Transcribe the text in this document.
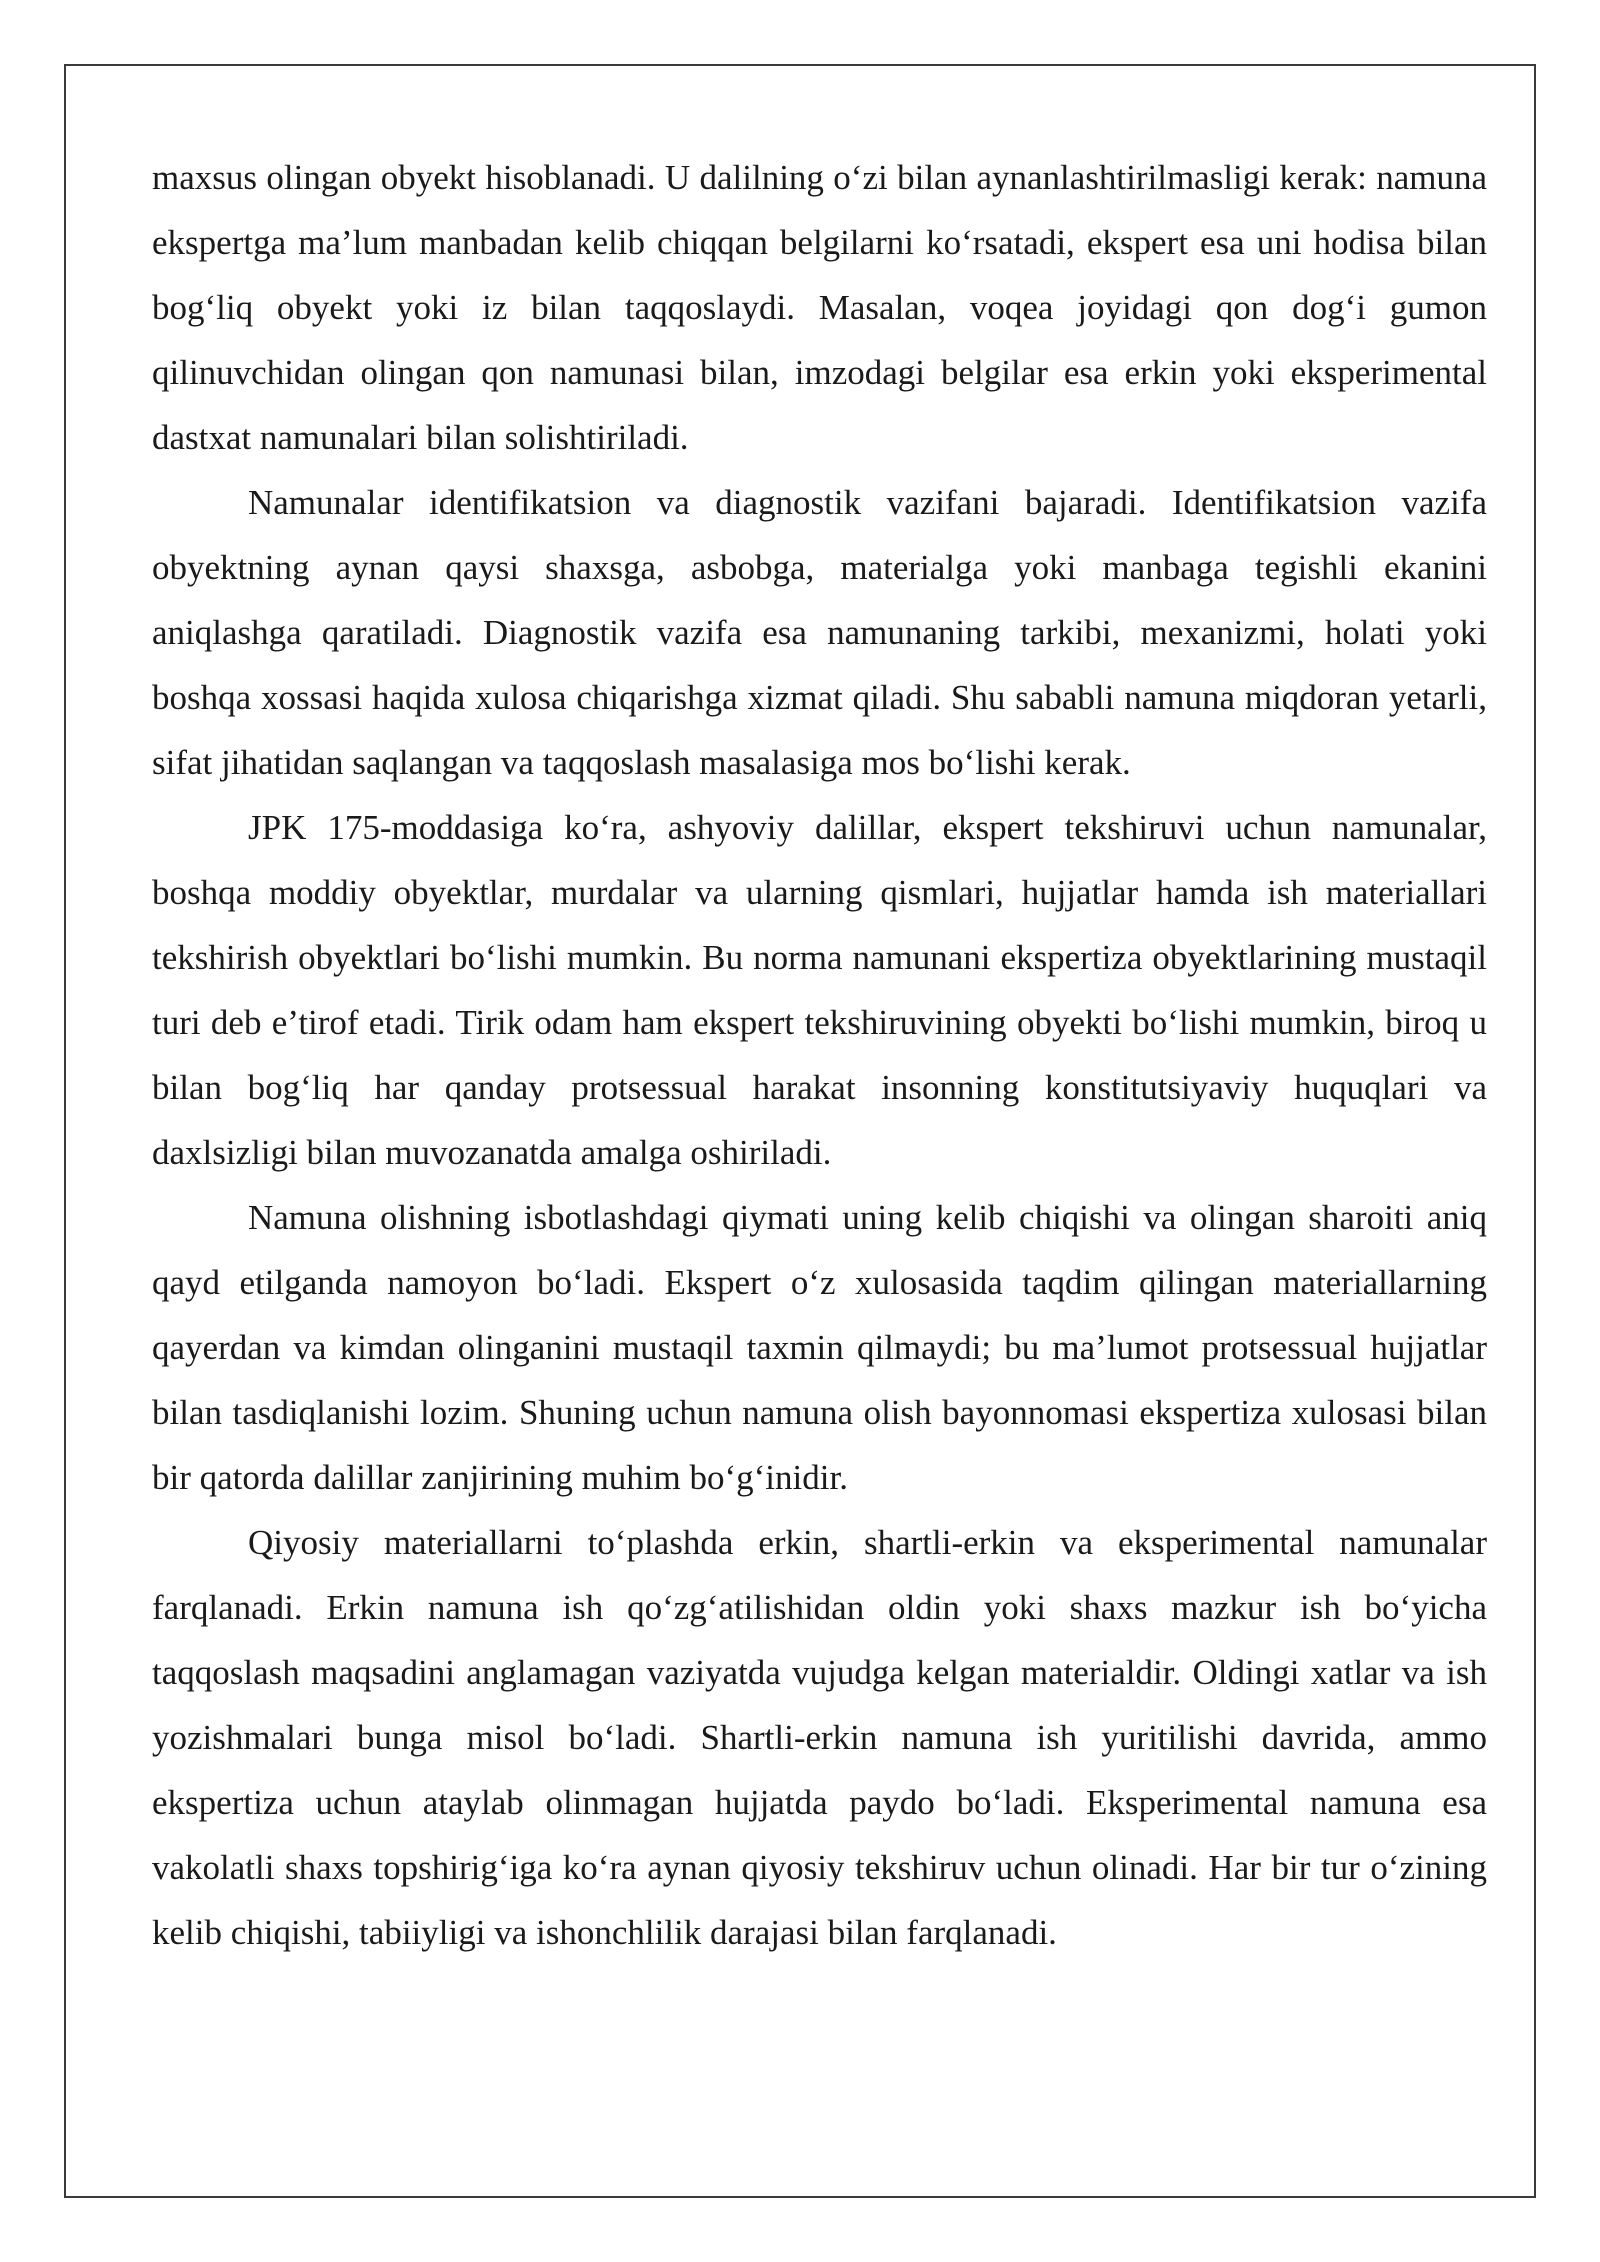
maxsus olingan obyekt hisoblanadi. U dalilning o‘zi bilan aynanlashtirilmasligi kerak: namuna ekspertga ma’lum manbadan kelib chiqqan belgilarni ko‘rsatadi, ekspert esa uni hodisa bilan bog‘liq obyekt yoki iz bilan taqqoslaydi. Masalan, voqea joyidagi qon dog‘i gumon qilinuvchidan olingan qon namunasi bilan, imzodagi belgilar esa erkin yoki eksperimental dastxat namunalari bilan solishtiriladi.

Namunalar identifikatsion va diagnostik vazifani bajaradi. Identifikatsion vazifa obyektning aynan qaysi shaxsga, asbobga, materialga yoki manbaga tegishli ekanini aniqlashga qaratiladi. Diagnostik vazifa esa namunaning tarkibi, mexanizmi, holati yoki boshqa xossasi haqida xulosa chiqarishga xizmat qiladi. Shu sababli namuna miqdoran yetarli, sifat jihatidan saqlangan va taqqoslash masalasiga mos bo‘lishi kerak.

JPK 175-moddasiga ko‘ra, ashyoviy dalillar, ekspert tekshiruvi uchun namunalar, boshqa moddiy obyektlar, murdalar va ularning qismlari, hujjatlar hamda ish materiallari tekshirish obyektlari bo‘lishi mumkin. Bu norma namunani ekspertiza obyektlarining mustaqil turi deb e’tirof etadi. Tirik odam ham ekspert tekshiruvining obyekti bo‘lishi mumkin, biroq u bilan bog‘liq har qanday protsessual harakat insonning konstitutsiyaviy huquqlari va daxlsizligi bilan muvozanatda amalga oshiriladi.

Namuna olishning isbotlashdagi qiymati uning kelib chiqishi va olingan sharoiti aniq qayd etilganda namoyon bo‘ladi. Ekspert o‘z xulosasida taqdim qilingan materiallarning qayerdan va kimdan olinganini mustaqil taxmin qilmaydi; bu ma’lumot protsessual hujjatlar bilan tasdiqlanishi lozim. Shuning uchun namuna olish bayonnomasi ekspertiza xulosasi bilan bir qatorda dalillar zanjirining muhim bo‘g‘inidir.

Qiyosiy materiallarni to‘plashda erkin, shartli-erkin va eksperimental namunalar farqlanadi. Erkin namuna ish qo‘zg‘atilishidan oldin yoki shaxs mazkur ish bo‘yicha taqqoslash maqsadini anglamagan vaziyatda vujudga kelgan materialdir. Oldingi xatlar va ish yozishmalari bunga misol bo‘ladi. Shartli-erkin namuna ish yuritilishi davrida, ammo ekspertiza uchun ataylab olinmagan hujjatda paydo bo‘ladi. Eksperimental namuna esa vakolatli shaxs topshirig‘iga ko‘ra aynan qiyosiy tekshiruv uchun olinadi. Har bir tur o‘zining kelib chiqishi, tabiiyligi va ishonchlilik darajasi bilan farqlanadi.
